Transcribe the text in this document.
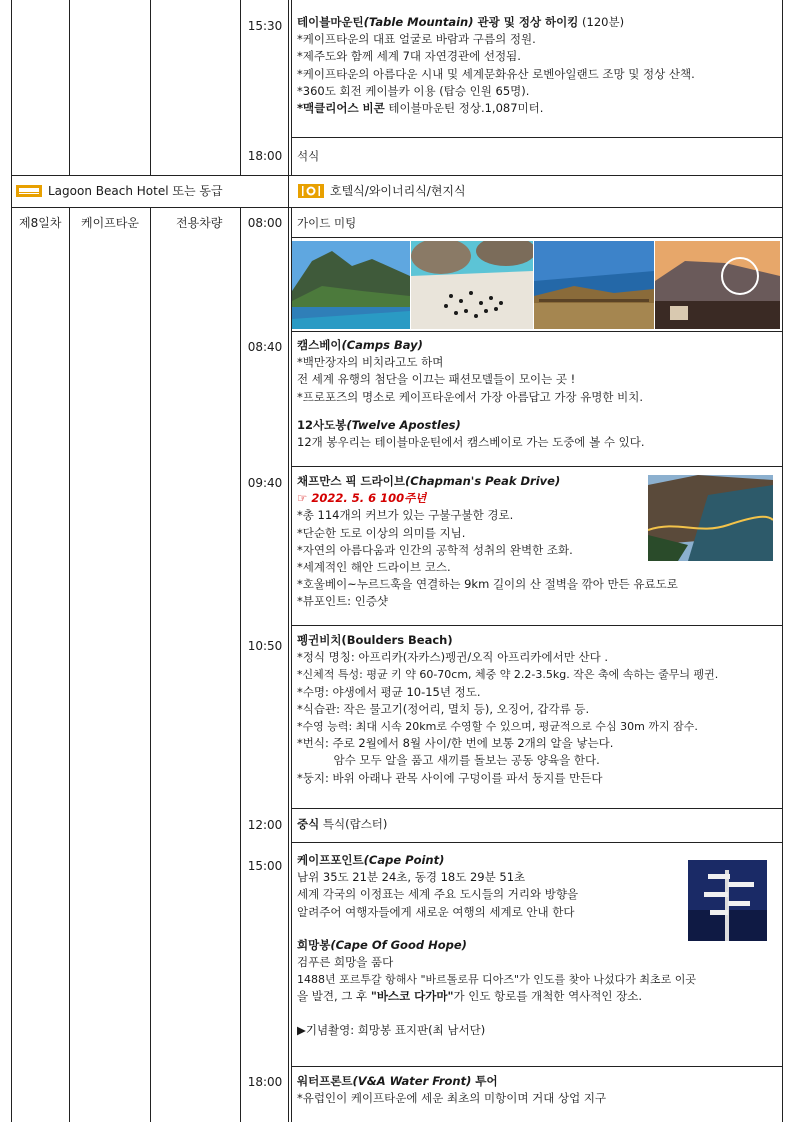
15:30	테이블마운틴(Table Mountain) 관광 및 정상 하이킹 (120분)

*케이프타운의 대표 얼굴로 바람과 구름의 정원.

*제주도와 함께 세계 7대 자연경관에 선정됨.

*케이프타운의 아름다운 시내 및 세계문화유산 로벤아일랜드 조망 및 정상 산책.

*360도 회전 케이블카 이용 (탑승 인원 65명).

*맥클리어스 비콘 테이블마운틴 정상.1,087미터.

18:00	석식

Lagoon Beach Hotel 또는 동급	호텔식/와이너리식/현지식
제8일차 케이프타운	전용차량	08:00	가이드 미팅

08:40	캠스베이(Camps Bay)

*백만장자의 비치라고도 하며

전 세계 유행의 첨단을 이끄는 패션모델들이 모이는 곳 !

*프로포즈의 명소로 케이프타운에서 가장 아름답고 가장 유명한 비치.

12사도봉(Twelve Apostles)

12개 봉우리는 테이블마운틴에서 캠스베이로 가는 도중에 볼 수 있다.

09:40	채프만스 픽 드라이브(Chapman's Peak Drive)

☞ 2022. 5. 6 100주년

*총 114개의 커브가 있는 구불구불한 경로.

*단순한 도로 이상의 의미를 지님.

*자연의 아름다움과 인간의 공학적 성취의 완벽한 조화.

*세계적인 해안 드라이브 코스.

*호울베이~누르드훅을 연결하는 9km 길이의 산 절벽을 깎아 만든 유료도로

*뷰포인트: 인증샷

10:50	펭귄비치(Boulders Beach)

*정식 명칭: 아프리카(자카스)펭귄/오직 아프리카에서만 산다 .

*신체적 특성: 평균 키 약 60-70cm, 체중 약 2.2-3.5kg. 작은 축에 속하는 줄무늬 펭귄.

*수명: 야생에서 평균 10-15년 정도.

*식습관: 작은 물고기(정어리, 멸치 등), 오징어, 갑각류 등.

*수영 능력: 최대 시속 20km로 수영할 수 있으며, 평균적으로 수심 30m 까지 잠수.

*번식: 주로 2월에서 8월 사이/한 번에 보통 2개의 알을 낳는다.

암수 모두 알을 품고 새끼를 돌보는 공동 양육을 한다.

*둥지: 바위 아래나 관목 사이에 구덩이를 파서 둥지를 만든다

12:00	중식 특식(랍스터)

15:00	케이프포인트(Cape Point)

남위 35도 21분 24초, 동경 18도 29분 51초

세계 각국의 이정표는 세계 주요 도시들의 거리와 방향을

알려주어 여행자들에게 새로운 여행의 세계로 안내 한다

희망봉(Cape Of Good Hope)

검푸른 희망을 품다

1488년 포르투갈 항해사 "바르톨로뮤 디아즈"가 인도를 찾아 나섰다가 최초로 이곳

을 발견, 그 후 "바스코 다가마"가 인도 항로를 개척한 역사적인 장소.

▶기념촬영: 희망봉 표지판(최 남서단)

18:00	워터프론트(V&A Water Front) 투어

*유럽인이 케이프타운에 세운 최초의 미항이며 거대 상업 지구
